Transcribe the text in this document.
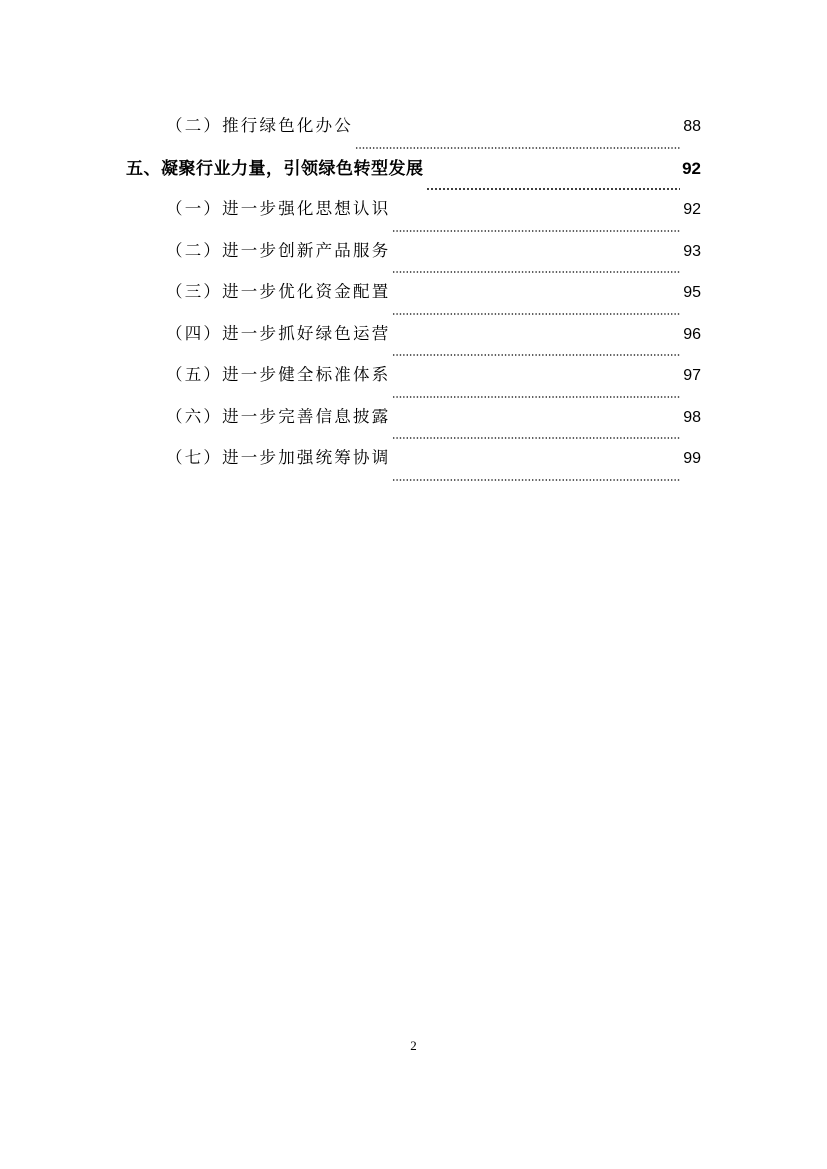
（二）推行绿色化办公	88
五、凝聚行业力量，引领绿色转型发展	92
（一）进一步强化思想认识	92
（二）进一步创新产品服务	93
（三）进一步优化资金配置	95
（四）进一步抓好绿色运营	96
（五）进一步健全标准体系	97
（六）进一步完善信息披露	98
（七）进一步加强统筹协调	99
2
